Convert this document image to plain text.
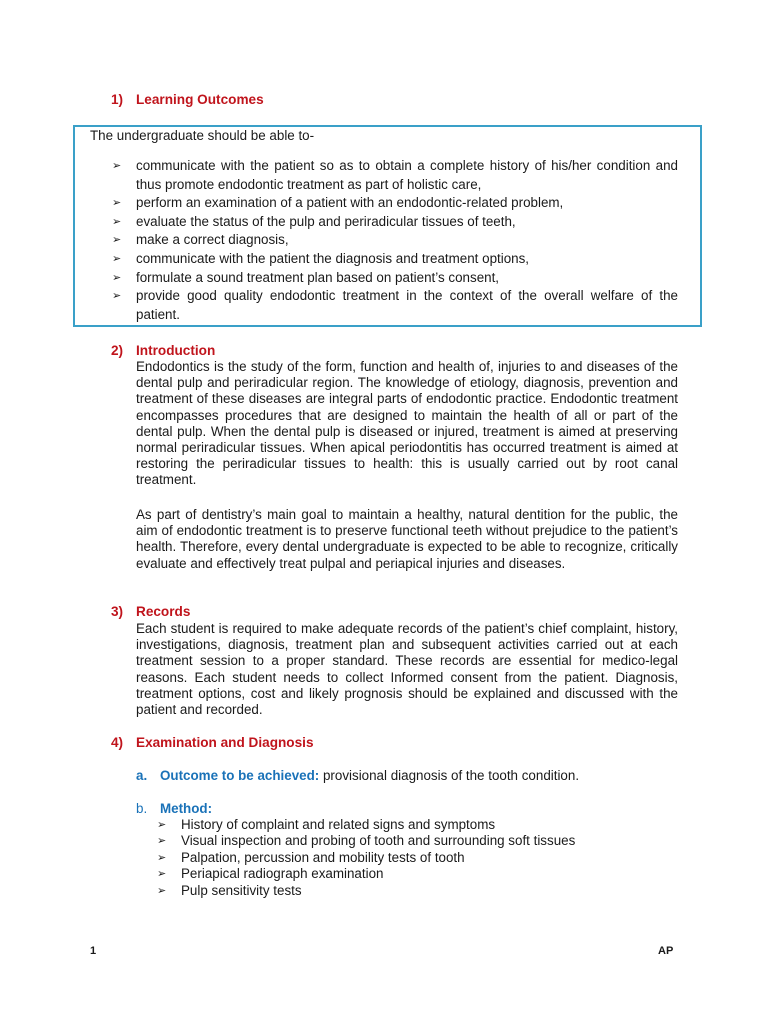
1) Learning Outcomes
The undergraduate should be able to-
➢ communicate with the patient so as to obtain a complete history of his/her condition and thus promote endodontic treatment as part of holistic care,
➢ perform an examination of a patient with an endodontic-related problem,
➢ evaluate the status of the pulp and periradicular tissues of teeth,
➢ make a correct diagnosis,
➢ communicate with the patient the diagnosis and treatment options,
➢ formulate a sound treatment plan based on patient’s consent,
➢ provide good quality endodontic treatment in the context of the overall welfare of the patient.
2) Introduction

Endodontics is the study of the form, function and health of, injuries to and diseases of the dental pulp and periradicular region. The knowledge of etiology, diagnosis, prevention and treatment of these diseases are integral parts of endodontic practice. Endodontic treatment encompasses procedures that are designed to maintain the health of all or part of the dental pulp. When the dental pulp is diseased or injured, treatment is aimed at preserving normal periradicular tissues. When apical periodontitis has occurred treatment is aimed at restoring the periradicular tissues to health: this is usually carried out by root canal treatment.

As part of dentistry’s main goal to maintain a healthy, natural dentition for the public, the aim of endodontic treatment is to preserve functional teeth without prejudice to the patient’s health. Therefore, every dental undergraduate is expected to be able to recognize, critically evaluate and effectively treat pulpal and periapical injuries and diseases.

3) Records

Each student is required to make adequate records of the patient’s chief complaint, history, investigations, diagnosis, treatment plan and subsequent activities carried out at each treatment session to a proper standard. These records are essential for medico-legal reasons. Each student needs to collect Informed consent from the patient. Diagnosis, treatment options, cost and likely prognosis should be explained and discussed with the patient and recorded.

4) Examination and Diagnosis
a. Outcome to be achieved: provisional diagnosis of the tooth condition.
b. Method:
➢ History of complaint and related signs and symptoms
➢ Visual inspection and probing of tooth and surrounding soft tissues
➢ Palpation, percussion and mobility tests of tooth
➢ Periapical radiograph examination
➢ Pulp sensitivity tests
1	AP
